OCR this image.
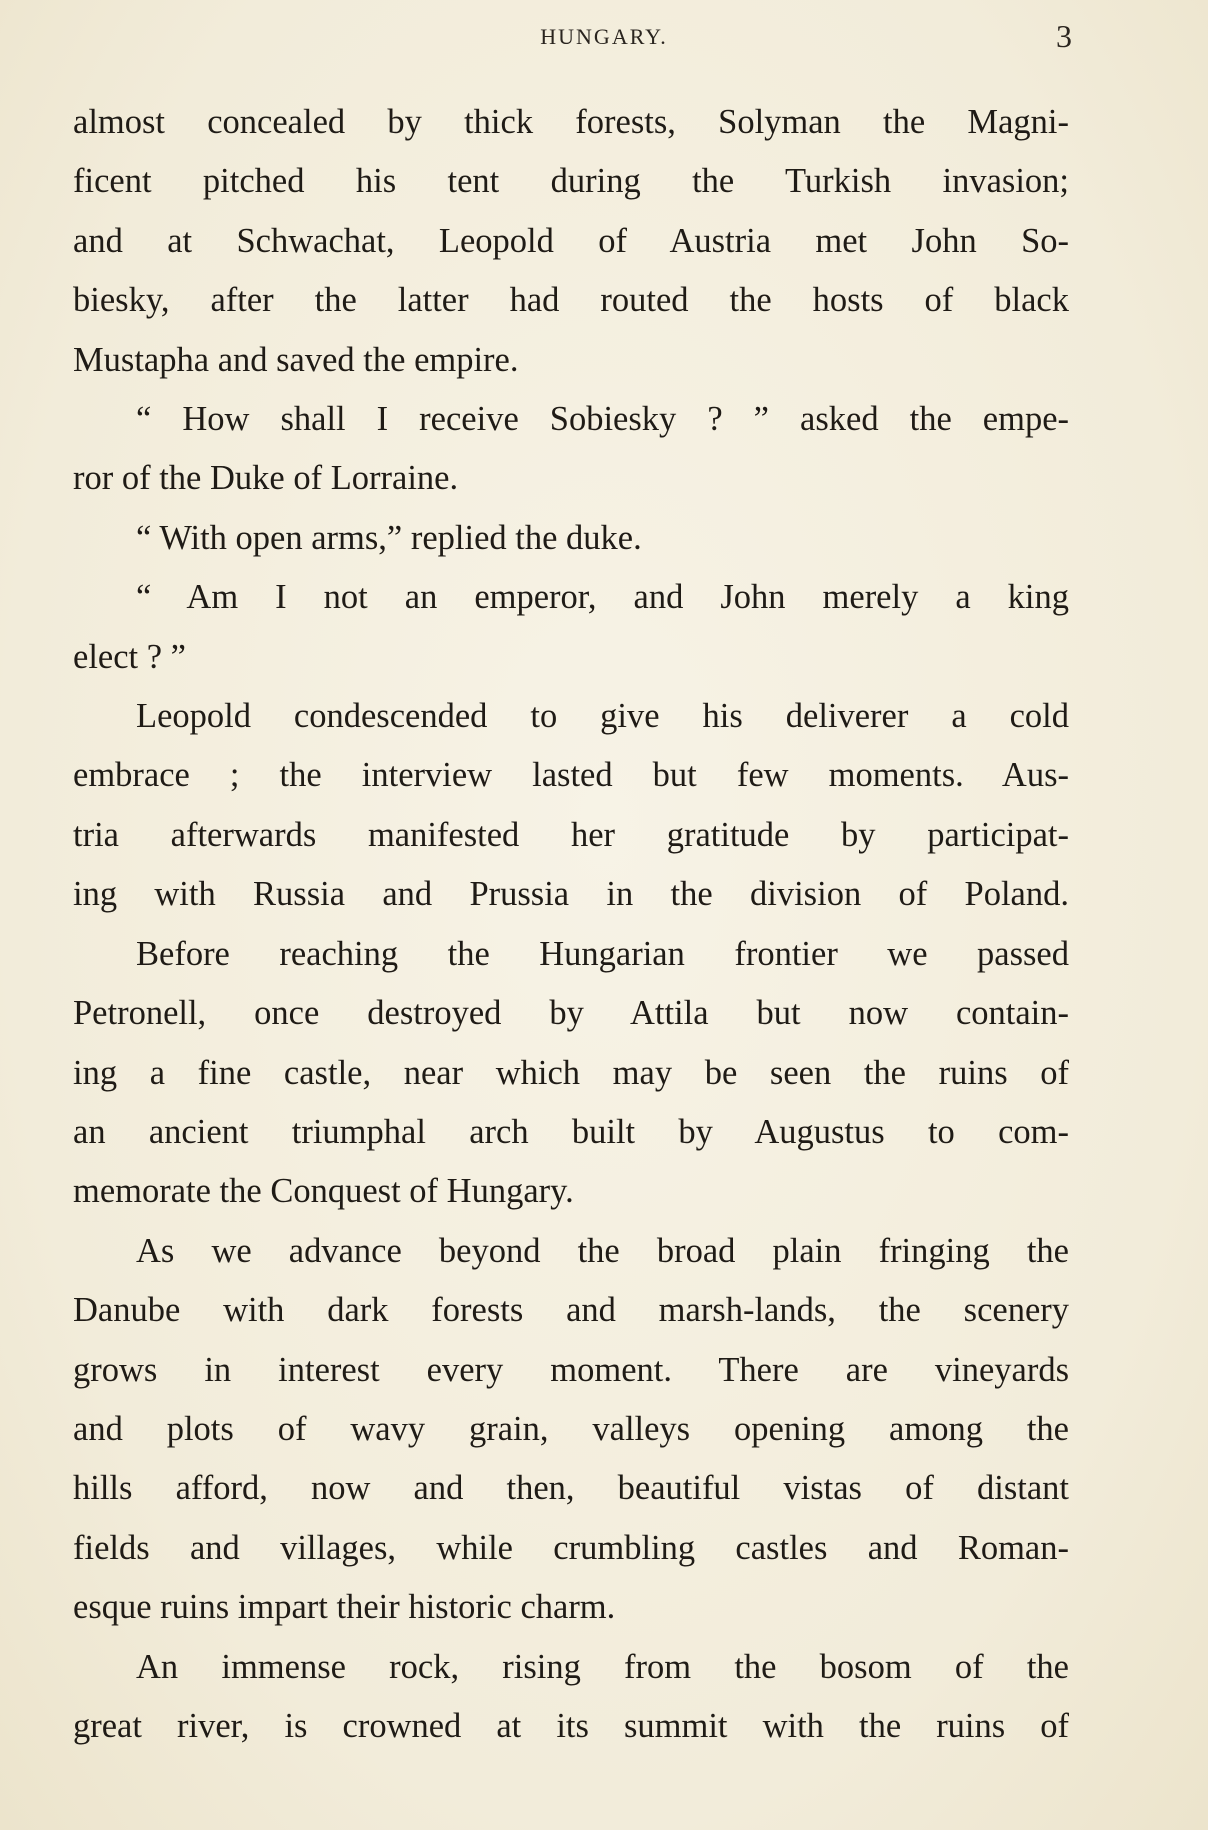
HUNGARY.	3
almost concealed by thick forests, Solyman the Magni-
ficent pitched his tent during the Turkish invasion;
and at Schwachat, Leopold of Austria met John So-
biesky, after the latter had routed the hosts of black
Mustapha and saved the empire.
“ How shall I receive Sobiesky ? ” asked the empe-
ror of the Duke of Lorraine.
“ With open arms,” replied the duke.
“ Am I not an emperor, and John merely a king
elect ? ”
Leopold condescended to give his deliverer a cold
embrace ; the interview lasted but few moments. Aus-
tria afterwards manifested her gratitude by participat-
ing with Russia and Prussia in the division of Poland.
Before reaching the Hungarian frontier we passed
Petronell, once destroyed by Attila but now contain-
ing a fine castle, near which may be seen the ruins of
an ancient triumphal arch built by Augustus to com-
memorate the Conquest of Hungary.
As we advance beyond the broad plain fringing the
Danube with dark forests and marsh-lands, the scenery
grows in interest every moment. There are vineyards
and plots of wavy grain, valleys opening among the
hills afford, now and then, beautiful vistas of distant
fields and villages, while crumbling castles and Roman-
esque ruins impart their historic charm.
An immense rock, rising from the bosom of the
great river, is crowned at its summit with the ruins of
